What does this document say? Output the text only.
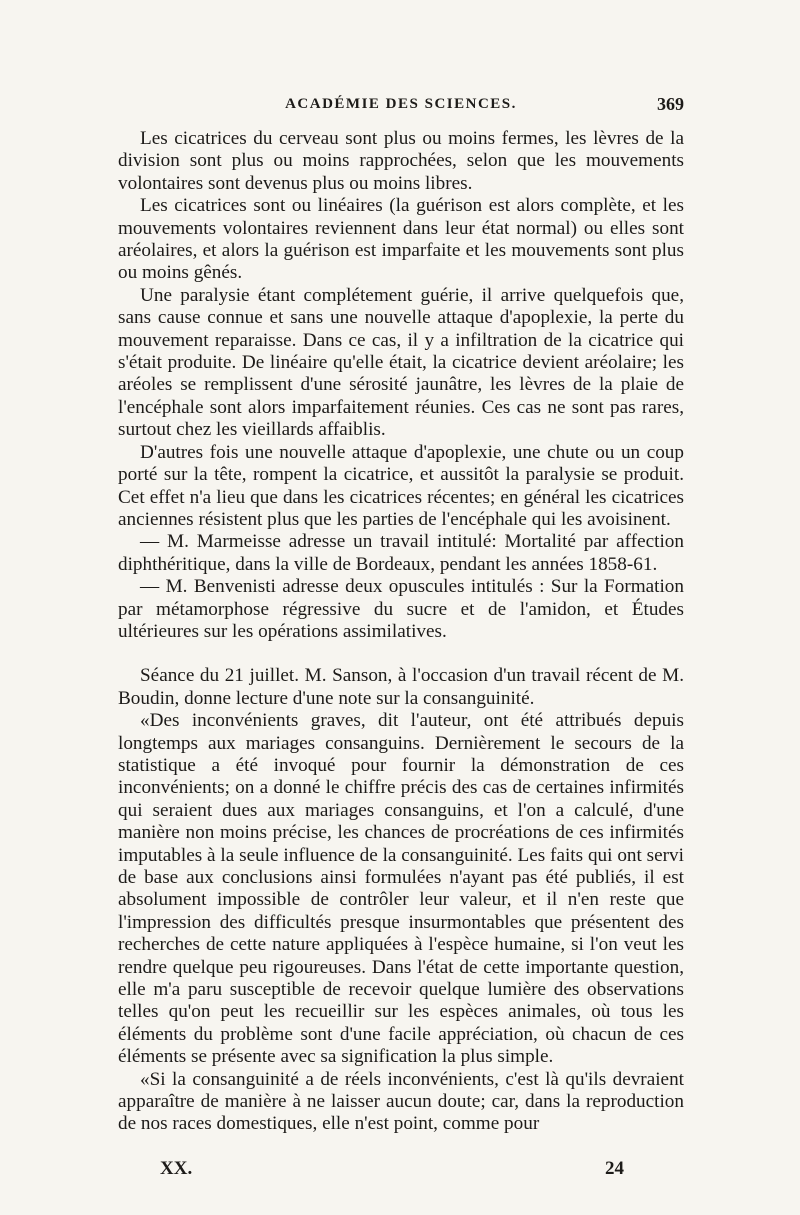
ACADÉMIE DES SCIENCES.	369

Les cicatrices du cerveau sont plus ou moins fermes, les lèvres de la division sont plus ou moins rapprochées, selon que les mouvements volontaires sont devenus plus ou moins libres.

Les cicatrices sont ou linéaires (la guérison est alors complète, et les mouvements volontaires reviennent dans leur état normal) ou elles sont aréolaires, et alors la guérison est imparfaite et les mouvements sont plus ou moins gênés.

Une paralysie étant complétement guérie, il arrive quelquefois que, sans cause connue et sans une nouvelle attaque d'apoplexie, la perte du mouvement reparaisse. Dans ce cas, il y a infiltration de la cicatrice qui s'était produite. De linéaire qu'elle était, la cicatrice devient aréolaire; les aréoles se remplissent d'une sérosité jaunâtre, les lèvres de la plaie de l'encéphale sont alors imparfaitement réunies. Ces cas ne sont pas rares, surtout chez les vieillards affaiblis.

D'autres fois une nouvelle attaque d'apoplexie, une chute ou un coup porté sur la tête, rompent la cicatrice, et aussitôt la paralysie se produit. Cet effet n'a lieu que dans les cicatrices récentes; en général les cicatrices anciennes résistent plus que les parties de l'encéphale qui les avoisinent.

— M. Marmeisse adresse un travail intitulé: Mortalité par affection diphthéritique, dans la ville de Bordeaux, pendant les années 1858-61.

— M. Benvenisti adresse deux opuscules intitulés : Sur la Formation par métamorphose régressive du sucre et de l'amidon, et Études ultérieures sur les opérations assimilatives.

Séance du 21 juillet. M. Sanson, à l'occasion d'un travail récent de M. Boudin, donne lecture d'une note sur la consanguinité.

«Des inconvénients graves, dit l'auteur, ont été attribués depuis longtemps aux mariages consanguins. Dernièrement le secours de la statistique a été invoqué pour fournir la démonstration de ces inconvénients; on a donné le chiffre précis des cas de certaines infirmités qui seraient dues aux mariages consanguins, et l'on a calculé, d'une manière non moins précise, les chances de procréations de ces infirmités imputables à la seule influence de la consanguinité. Les faits qui ont servi de base aux conclusions ainsi formulées n'ayant pas été publiés, il est absolument impossible de contrôler leur valeur, et il n'en reste que l'impression des difficultés presque insurmontables que présentent des recherches de cette nature appliquées à l'espèce humaine, si l'on veut les rendre quelque peu rigoureuses. Dans l'état de cette importante question, elle m'a paru susceptible de recevoir quelque lumière des observations telles qu'on peut les recueillir sur les espèces animales, où tous les éléments du problème sont d'une facile appréciation, où chacun de ces éléments se présente avec sa signification la plus simple.

«Si la consanguinité a de réels inconvénients, c'est là qu'ils devraient apparaître de manière à ne laisser aucun doute; car, dans la reproduction de nos races domestiques, elle n'est point, comme pour

XX.	24
